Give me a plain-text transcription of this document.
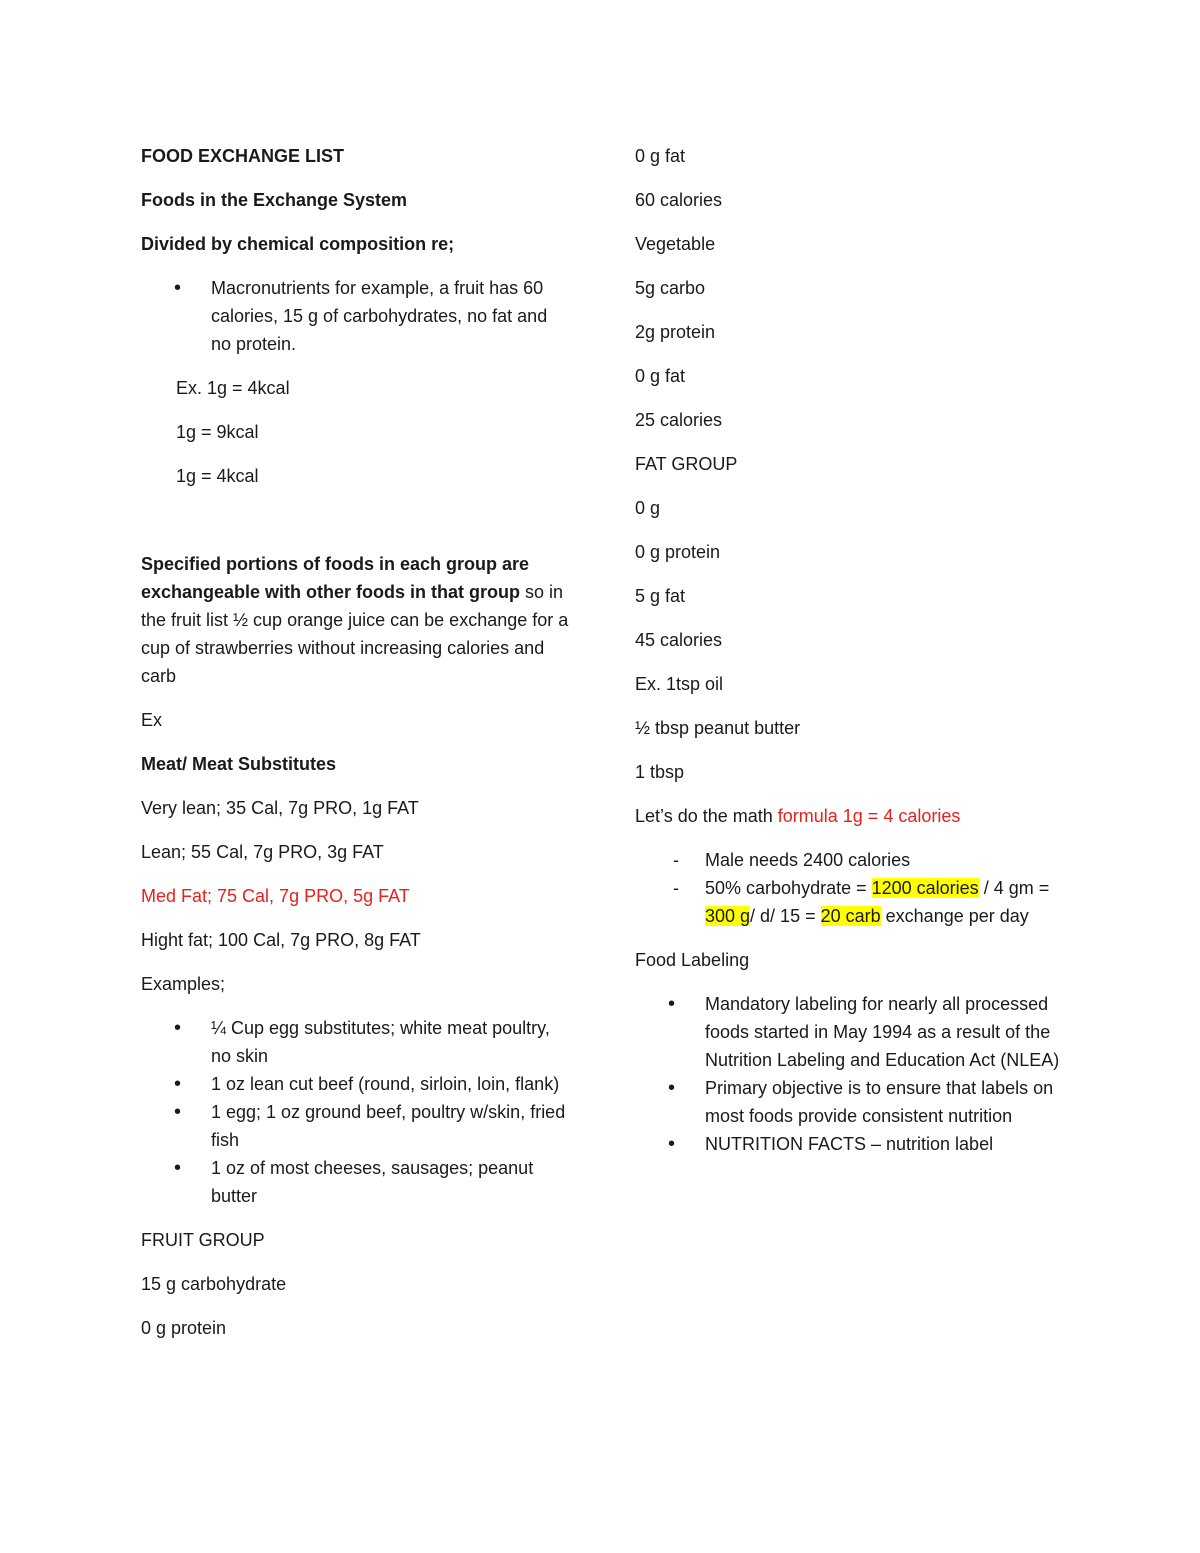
FOOD EXCHANGE LIST

Foods in the Exchange System

Divided by chemical composition re;

• Macronutrients for example, a fruit has 60 calories, 15 g of carbohydrates, no fat and no protein.

Ex. 1g = 4kcal

1g = 9kcal

1g = 4kcal

Specified portions of foods in each group are exchangeable with other foods in that group so in the fruit list ½ cup orange juice can be exchange for a cup of strawberries without increasing calories and carb

Ex

Meat/ Meat Substitutes

Very lean; 35 Cal, 7g PRO, 1g FAT

Lean; 55 Cal, 7g PRO, 3g FAT

Med Fat; 75 Cal, 7g PRO, 5g FAT

Hight fat; 100 Cal, 7g PRO, 8g FAT

Examples;

• ¼ Cup egg substitutes; white meat poultry, no skin
• 1 oz lean cut beef (round, sirloin, loin, flank)
• 1 egg; 1 oz ground beef, poultry w/skin, fried fish
• 1 oz of most cheeses, sausages; peanut butter

FRUIT GROUP

15 g carbohydrate

0 g protein

0 g fat

60 calories

Vegetable

5g carbo

2g protein

0 g fat

25 calories

FAT GROUP

0 g

0 g protein

5 g fat

45 calories

Ex. 1tsp oil

½ tbsp peanut butter

1 tbsp

Let’s do the math formula 1g = 4 calories

- Male needs 2400 calories
- 50% carbohydrate = 1200 calories / 4 gm = 300 g/ d/ 15 = 20 carb exchange per day

Food Labeling

• Mandatory labeling for nearly all processed foods started in May 1994 as a result of the Nutrition Labeling and Education Act (NLEA)
• Primary objective is to ensure that labels on most foods provide consistent nutrition
• NUTRITION FACTS – nutrition label
